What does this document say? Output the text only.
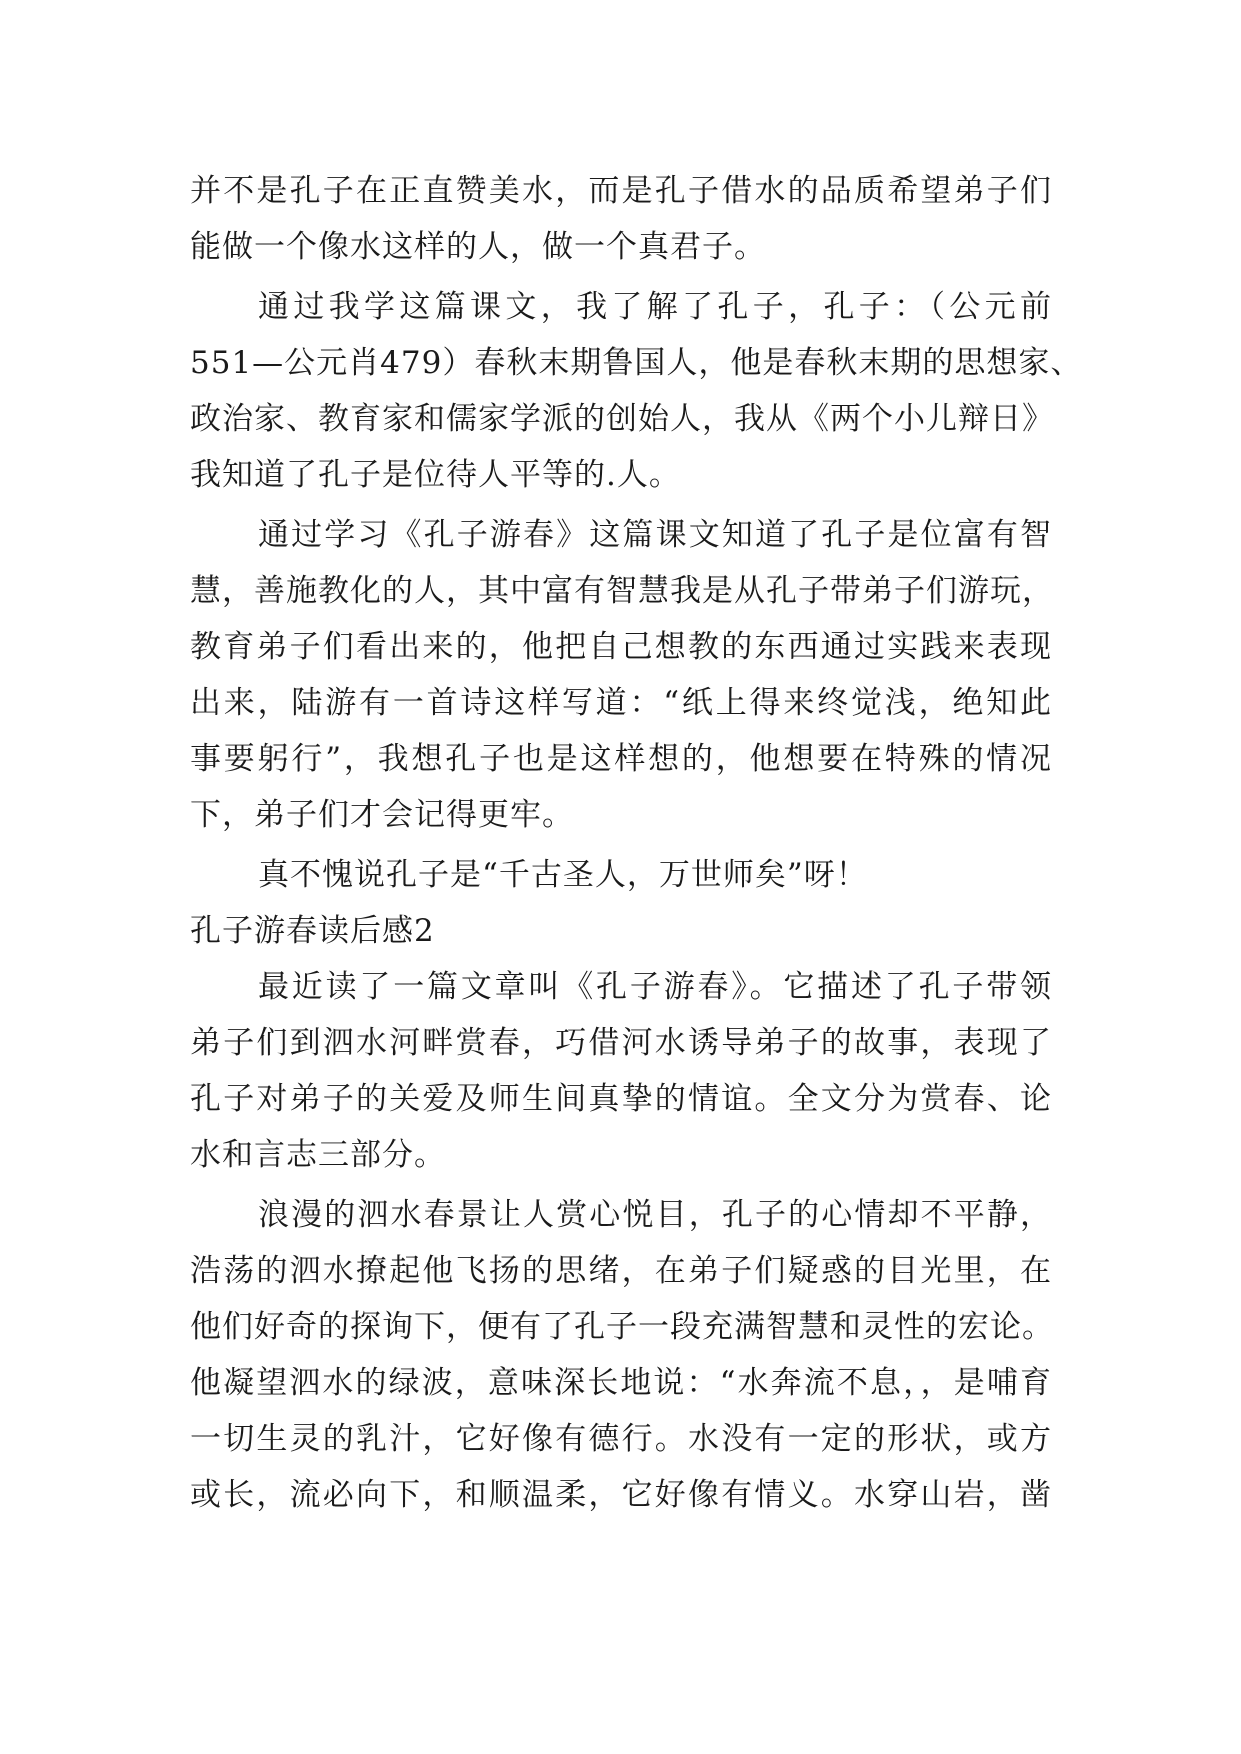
并不是孔子在正直赞美水，而是孔子借水的品质希望弟子们
能做一个像水这样的人，做一个真君子。
通过我学这篇课文，我了解了孔子，孔子：（公元前
551—公元肖479）春秋末期鲁国人，他是春秋末期的思想家、
政治家、教育家和儒家学派的创始人，我从《两个小儿辩日》
我知道了孔子是位待人平等的.人。
通过学习《孔子游春》这篇课文知道了孔子是位富有智
慧，善施教化的人，其中富有智慧我是从孔子带弟子们游玩，
教育弟子们看出来的，他把自己想教的东西通过实践来表现
出来，陆游有一首诗这样写道：“纸上得来终觉浅，绝知此
事要躬行”，我想孔子也是这样想的，他想要在特殊的情况
下，弟子们才会记得更牢。
真不愧说孔子是“千古圣人，万世师矣”呀！
孔子游春读后感2
最近读了一篇文章叫《孔子游春》。它描述了孔子带领
弟子们到泗水河畔赏春，巧借河水诱导弟子的故事，表现了
孔子对弟子的关爱及师生间真挚的情谊。全文分为赏春、论
水和言志三部分。
浪漫的泗水春景让人赏心悦目，孔子的心情却不平静，
浩荡的泗水撩起他飞扬的思绪，在弟子们疑惑的目光里，在
他们好奇的探询下，便有了孔子一段充满智慧和灵性的宏论。
他凝望泗水的绿波，意味深长地说：“水奔流不息，，是哺育
一切生灵的乳汁，它好像有德行。水没有一定的形状，或方
或长，流必向下，和顺温柔，它好像有情义。水穿山岩，凿
